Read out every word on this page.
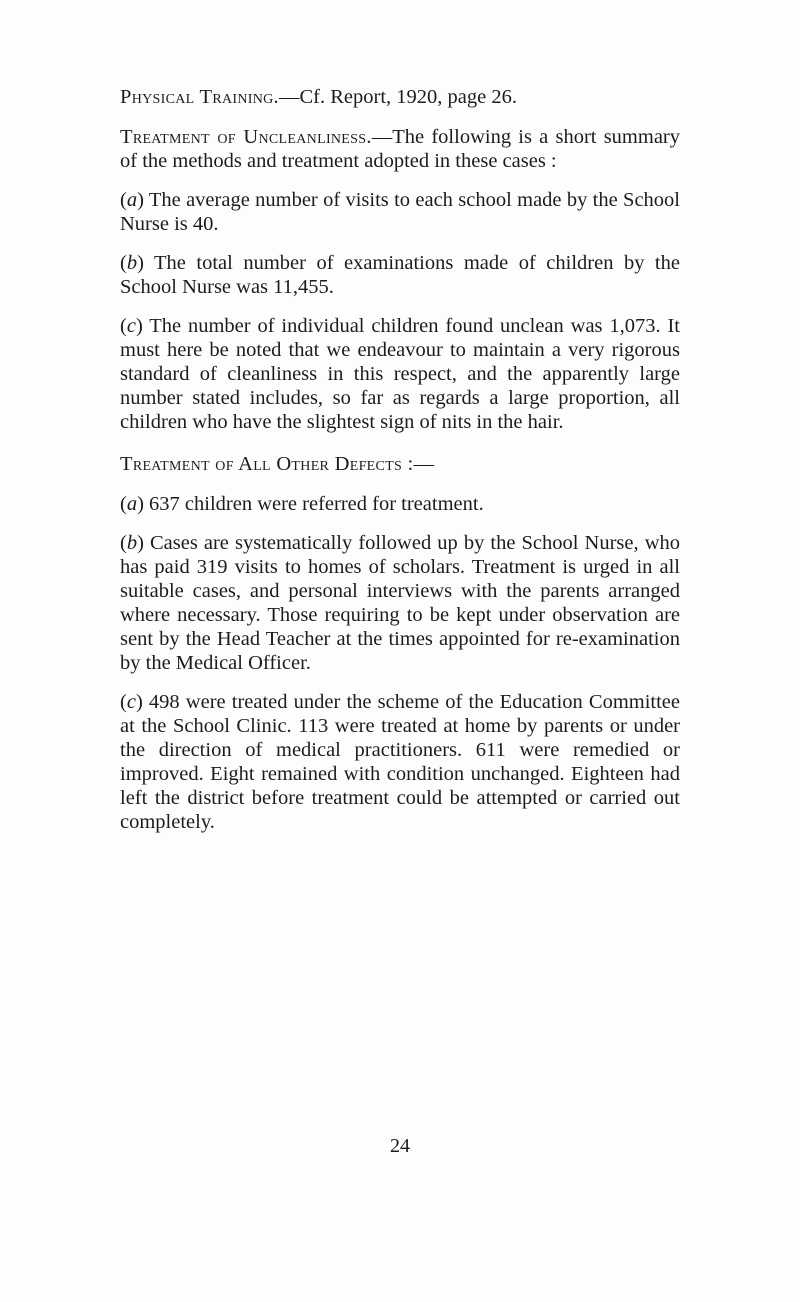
Physical Training.—Cf. Report, 1920, page 26.

Treatment of Uncleanliness.—The following is a short summary of the methods and treatment adopted in these cases :

(a) The average number of visits to each school made by the School Nurse is 40.

(b) The total number of examinations made of children by the School Nurse was 11,455.

(c) The number of individual children found unclean was 1,073. It must here be noted that we endeavour to maintain a very rigorous standard of cleanliness in this respect, and the apparently large number stated includes, so far as regards a large proportion, all children who have the slightest sign of nits in the hair.

Treatment of All Other Defects :—

(a) 637 children were referred for treatment.

(b) Cases are systematically followed up by the School Nurse, who has paid 319 visits to homes of scholars. Treatment is urged in all suitable cases, and personal interviews with the parents arranged where necessary. Those requiring to be kept under observation are sent by the Head Teacher at the times appointed for re-examination by the Medical Officer.

(c) 498 were treated under the scheme of the Education Committee at the School Clinic. 113 were treated at home by parents or under the direction of medical practitioners. 611 were remedied or improved. Eight remained with condition unchanged. Eighteen had left the district before treatment could be attempted or carried out completely.

24
